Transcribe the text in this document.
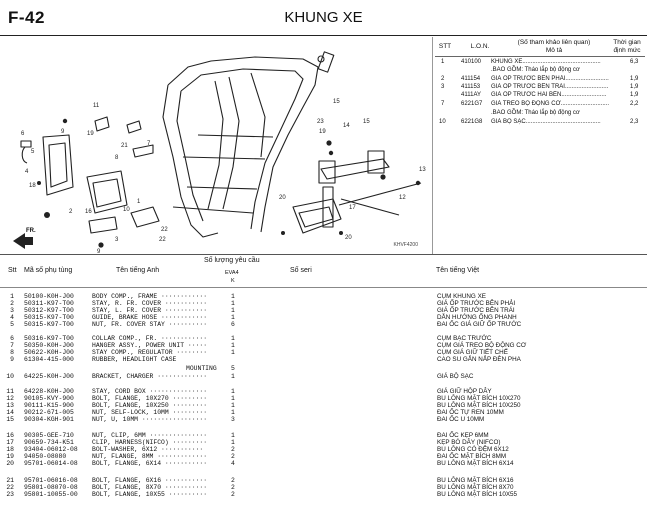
F-42	KHUNG XE
11
19
21
8
7
6
18
5
9
4
2
1
22
22
10
16
3
9
15
23
19
14
15
13
12
17
20
20
FR.
KHVF4200
STT	L.O.N.
(Số tham khảo liên quan)
Mô tả
Thời gian
định mức
1	410100 KHUNG XE...............................................	6,3
.BAO GỒM: Tháo lắp bộ động cơ
2	411154 GIÁ ỐP TRƯỚC BÊN PHẢI..........................	1,9
3	411153 GIÁ ỐP TRƯỚC BÊN TRÁI..........................	1,9
4111AY GIÁ ỐP TRƯỚC HAI BÊN...........................	1,9
7	6221G7 GIÁ TREO BỘ ĐỘNG CƠ.............................	2,2
.BAO GỒM: Tháo lắp bộ động cơ
10	6221G8 GIÁ BỘ SẠC.............................................	2,3
Số lượng yêu cầu
Stt Mã số phụ tùng	Tên tiếng Anh	EVA4
K
Số seri	Tên tiếng Việt
1 50100-K0H-J00	BODY COMP., FRAME ············	1	CỤM KHUNG XE
2 50311-K97-T00	STAY, R. FR. COVER ···········	1	GIÁ ỐP TRƯỚC BÊN PHẢI
3 50312-K97-T00	STAY, L. FR. COVER ···········	1	GIÁ ỐP TRƯỚC BÊN TRÁI
4 50315-K97-T00	GUIDE, BRAKE HOSE ············	1	DẪN HƯỚNG ỐNG PHANH
5 50315-K97-T00	NUT, FR. COVER STAY ··········	6	ĐAI ỐC GIÁ GIỮ ỐP TRƯỚC
6 50316-K97-T00	COLLAR COMP., FR. ············	1	CỤM BẠC TRƯỚC
7 50350-K0H-J00	HANGER ASSY., POWER UNIT ·····	1	CỤM GIÁ TREO BỘ ĐỘNG CƠ
8 50622-K0H-J00	STAY COMP., REGULATOR ········	1	CỤM GIÁ GIỮ TIẾT CHẾ
9 61304-415-000	RUBBER, HEADLIGHT CASE	CAO SU GẮN NẮP ĐÈN PHA
MOUNTING 5
10 64225-K0H-J00	BRACKET, CHARGER ·············	1	GIÁ BỘ SẠC
11 64228-K0H-J00	STAY, CORD BOX ···············	1	GIÁ GIỮ HỘP DÂY
12 90105-KVY-900	BOLT, FLANGE, 10X270 ·········	1	BU LÔNG MẶT BÍCH 10X270
13 90111-K15-900	BOLT, FLANGE, 10X250 ·········	1	BU LÔNG MẶT BÍCH 10X250
14 90212-671-005	NUT, SELF-LOCK, 10MM ·········	1	ĐAI ỐC TỰ REN 10MM
15 90304-KGH-901	NUT, U, 10MM ·················	3	ĐAI ỐC U 10MM
16 90305-GEE-710	NUT, CLIP, 6MM ···············	1	ĐAI ỐC KẸP 6MM
17 90659-734-K51	CLIP, HARNESS(NIFCO) ·········	1	KẸP BÓ DÂY (NIFCO)
18 93404-06012-08 BOLT-WASHER, 6X12 ···········	2	BU LÔNG CÓ ĐỆM 6X12
19 94050-08080	NUT, FLANGE, 8MM ·············	2	ĐAI ỐC MẶT BÍCH 8MM
20 95701-06014-08 BOLT, FLANGE, 6X14 ···········	4	BU LÔNG MẶT BÍCH 6X14
21 95701-06016-08 BOLT, FLANGE, 6X16 ···········	2	BU LÔNG MẶT BÍCH 6X16
22 95801-08070-08 BOLT, FLANGE, 8X70 ···········	2	BU LÔNG MẶT BÍCH 8X70
23 95801-10055-00 BOLT, FLANGE, 10X55 ··········	2	BU LÔNG MẶT BÍCH 10X55
